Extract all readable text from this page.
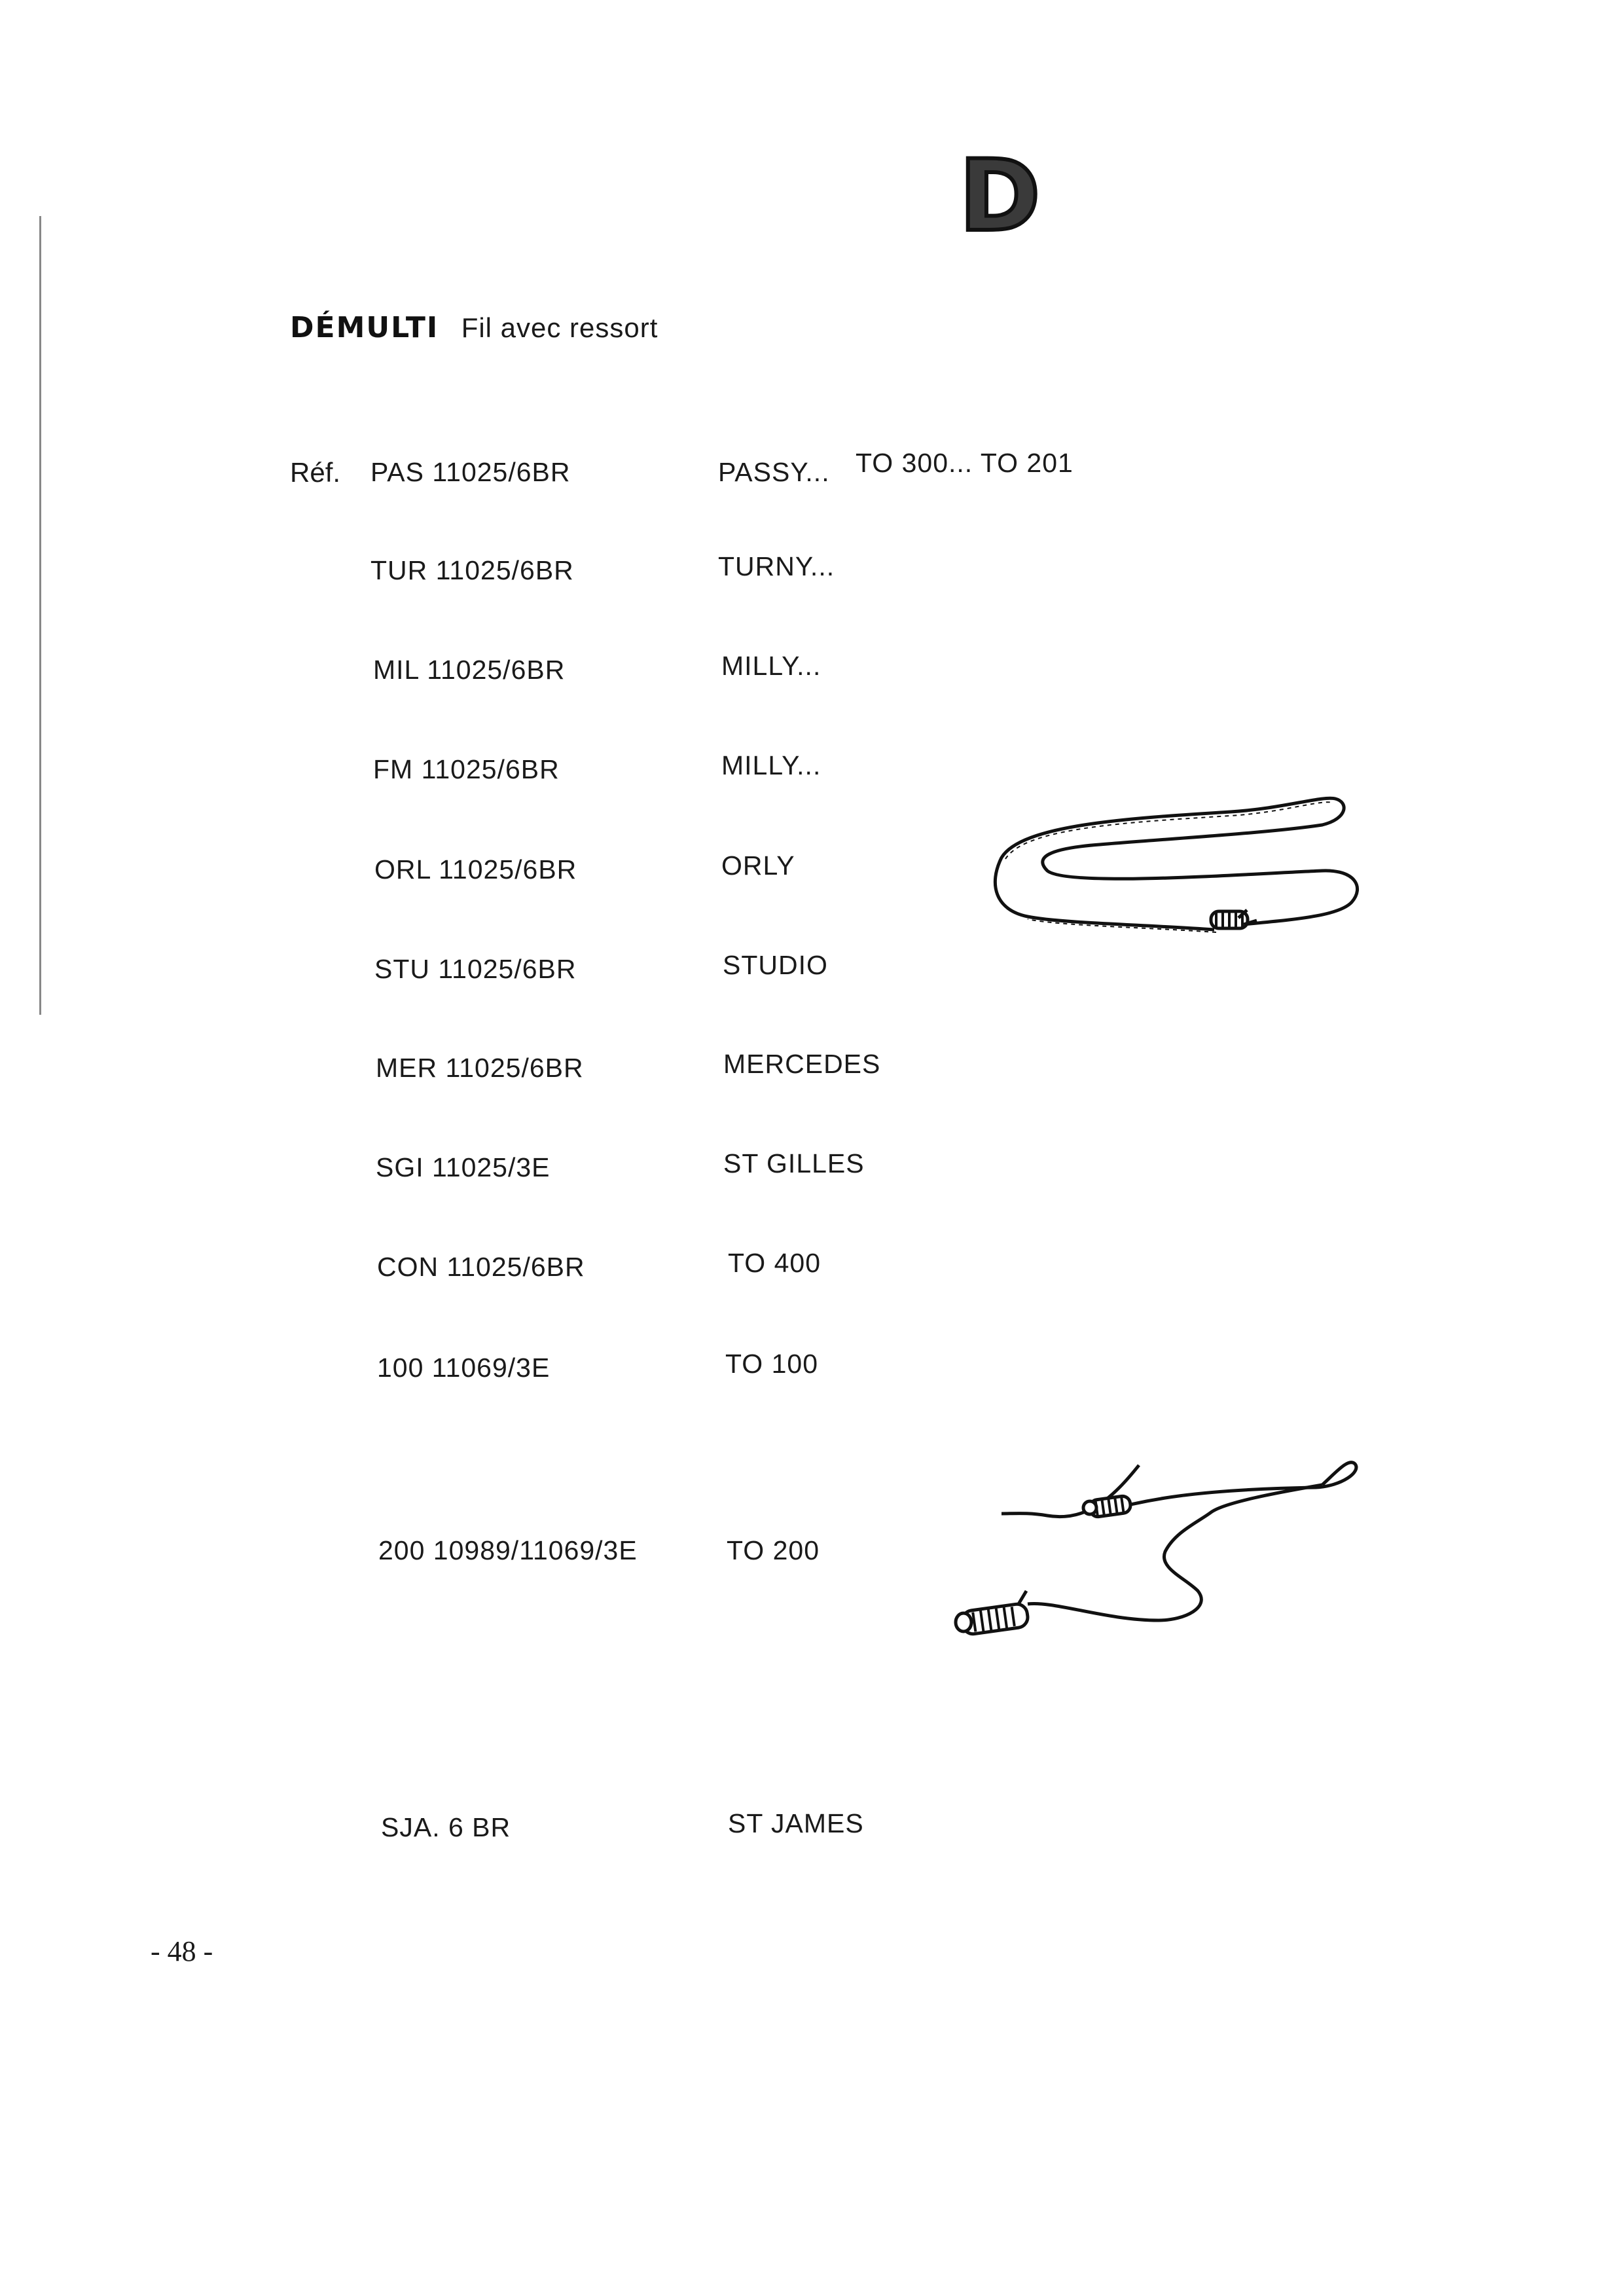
D
DÉMULTI Fil avec ressort
Réf. PAS 11025/6BR	PASSY... TO 300... TO 201
TUR 11025/6BR	TURNY...
MIL 11025/6BR	MILLY...
FM 11025/6BR	MILLY...
ORL 11025/6BR	ORLY
STU 11025/6BR	STUDIO
MER 11025/6BR	MERCEDES
SGI 11025/3E	ST GILLES
CON 11025/6BR	TO 400
100 11069/3E	TO 100
200 10989/11069/3E	TO 200
SJA. 6 BR	ST JAMES
- 48 -
